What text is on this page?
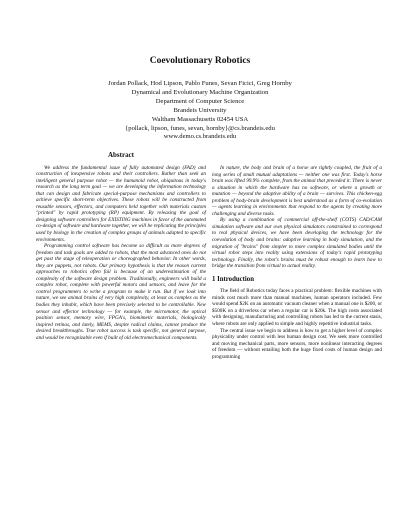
Coevolutionary Robotics
Jordan Pollack, Hod Lipson, Pablo Funes, Sevan Ficici, Greg Hornby
Dynamical and Evolutionary Machine Organization
Department of Computer Science
Brandeis University
Waltham Massachusetts 02454 USA
{pollack, lipson, funes, sevan, hornby}@cs.brandeis.edu
www.demo.cs.brandeis.edu
Abstract

We address the fundamental issue of fully automated design (FAD) and construction of inexpensive robots and their controllers. Rather than seek an intelligent general purpose robot — the humanoid robot, ubiquitous in today's research as the long term goal — we are developing the information technology that can design and fabricate special-purpose mechanisms and controllers to achieve specific short-term objectives. These robots will be constructed from reusable sensors, effectors, and computers held together with materials custom "printed" by rapid prototyping (RP) equipment. By releasing the goal of designing software controllers for EXISTING machines in favor of the automated co-design of software and hardware together, we will be replicating the principles used by biology in the creation of complex groups of animals adapted to specific environments.

Programming control software has become so difficult as more degrees of freedom and task goals are added to robots, that the most advanced ones do not get past the stage of teleoperation or choreographed behavior. In other words, they are puppets, not robots. Our primary hypothesis is that the reason current approaches to robotics often fail is because of an underestimation of the complexity of the software design problem. Traditionally, engineers will build a complex robot, complete with powerful motors and sensors, and leave for the control programmers to write a program to make it run. But if we look into nature, we see animal brains of very high complexity, at least as complex as the bodies they inhabit, which have been precisely selected to be controllable. New sensor and effector technology — for example, the micromotor, the optical position sensor, memory wire, FPGA's, biomimetic materials, biologically inspired retinas, and lately, MEMS, despite radical claims, cannot produce the desired breakthroughs. True robot success is task specific, not general purpose, and would be recognizable even if built of old electromechanical components.

In nature, the body and brain of a horse are tightly coupled, the fruit of a long series of small mutual adaptations — neither one was first. Today's horse brain was lifted 99.9% complete, from the animal that preceded it. There is never a situation in which the hardware has no software, or where a growth or mutation — beyond the adaptive ability of a brain — survives. This chicken-egg problem of body-brain development is best understood as a form of co-evolution — agents learning in environments that respond to the agents by creating more challenging and diverse tasks.

By using a combination of commercial off-the-shelf (COTS) CAD/CAM simulation software and our own physical simulators constrained to correspond to real physical devices, we have been developing the technology for the coevolution of body and brains: adaptive learning in body simulation, and the migration of "brains" from simpler to more complex simulated bodies until the virtual robot steps into reality using extensions of today's rapid prototyping technology. Finally, the robot's brains must be robust enough to learn how to bridge the transition from virtual to actual reality.

1 Introduction

The field of Robotics today faces a practical problem: flexible machines with minds cost much more than manual machines, human operators included. Few would spend $2K on an automatic vacuum cleaner when a manual one is $200, or $500K on a driverless car when a regular car is $20k. The high costs associated with designing, manufacturing and controlling robots has led to the current stasis, where robots are only applied to simple and highly repetitive industrial tasks.

The central issue we begin to address is how to get a higher level of complex physicality under control with less human design cost. We seek more controlled and moving mechanical parts, more sensors, more nonlinear interacting degrees of freedom — without entailing both the huge fixed costs of human design and programming
